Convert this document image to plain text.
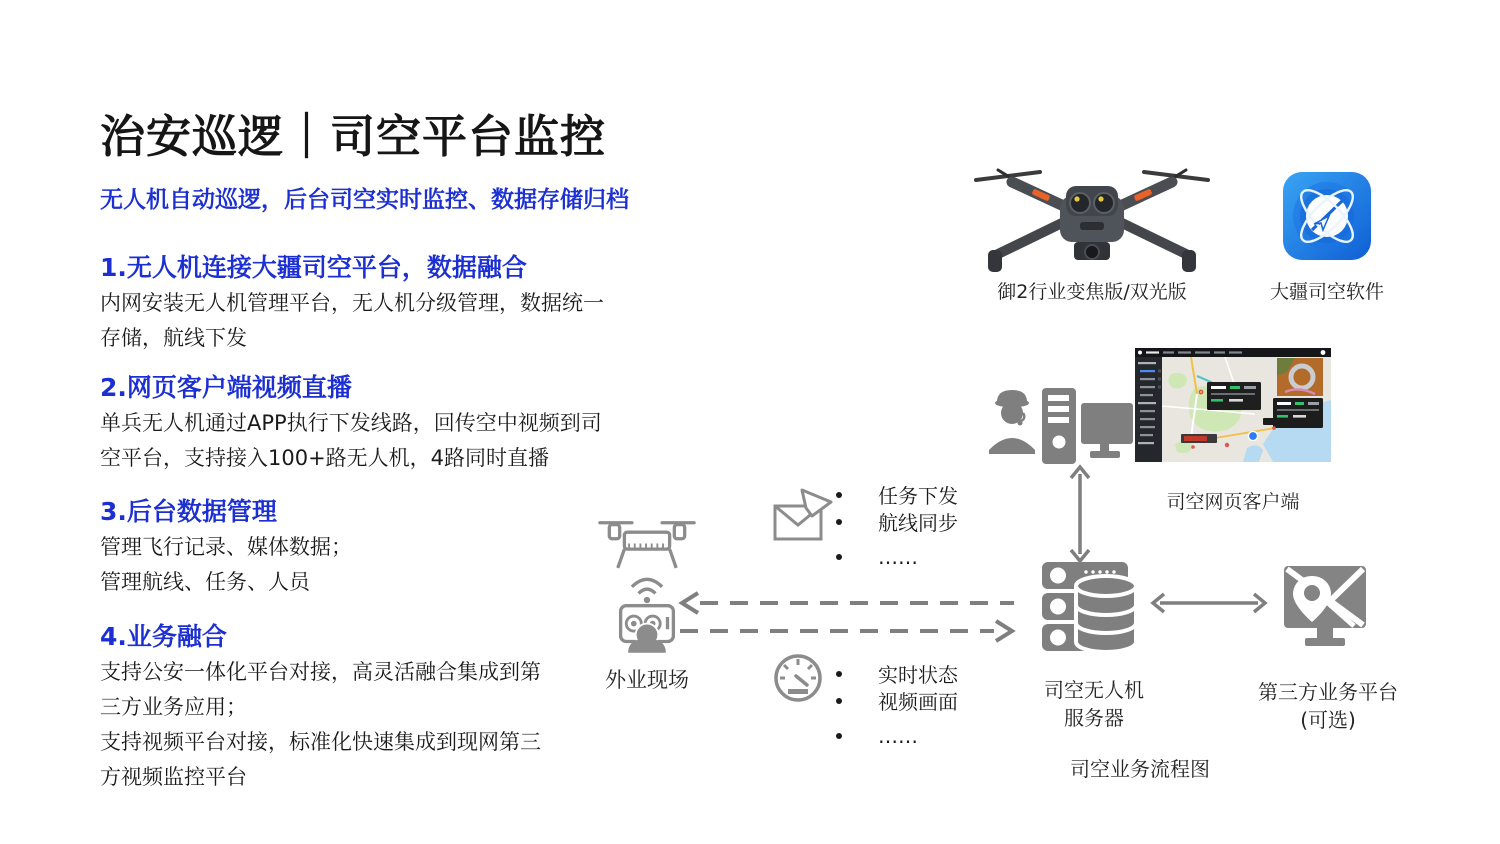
治安巡逻｜司空平台监控
无人机自动巡逻，后台司空实时监控、数据存储归档
1.无人机连接大疆司空平台，数据融合
内网安装无人机管理平台，无人机分级管理，数据统一
存储，航线下发
2.网页客户端视频直播
单兵无人机通过APP执行下发线路，回传空中视频到司
空平台，支持接入100+路无人机，4路同时直播
3.后台数据管理
管理飞行记录、媒体数据；
管理航线、任务、人员
4.业务融合
支持公安一体化平台对接，高灵活融合集成到第
三方业务应用；
支持视频平台对接，标准化快速集成到现网第三
方视频监控平台
御2行业变焦版/双光版	大疆司空软件
司空网页客户端
任务下发
航线同步
……
外业现场	实时状态
视频画面
……
司空无人机
服务器
第三方业务平台
(可选)
司空业务流程图
